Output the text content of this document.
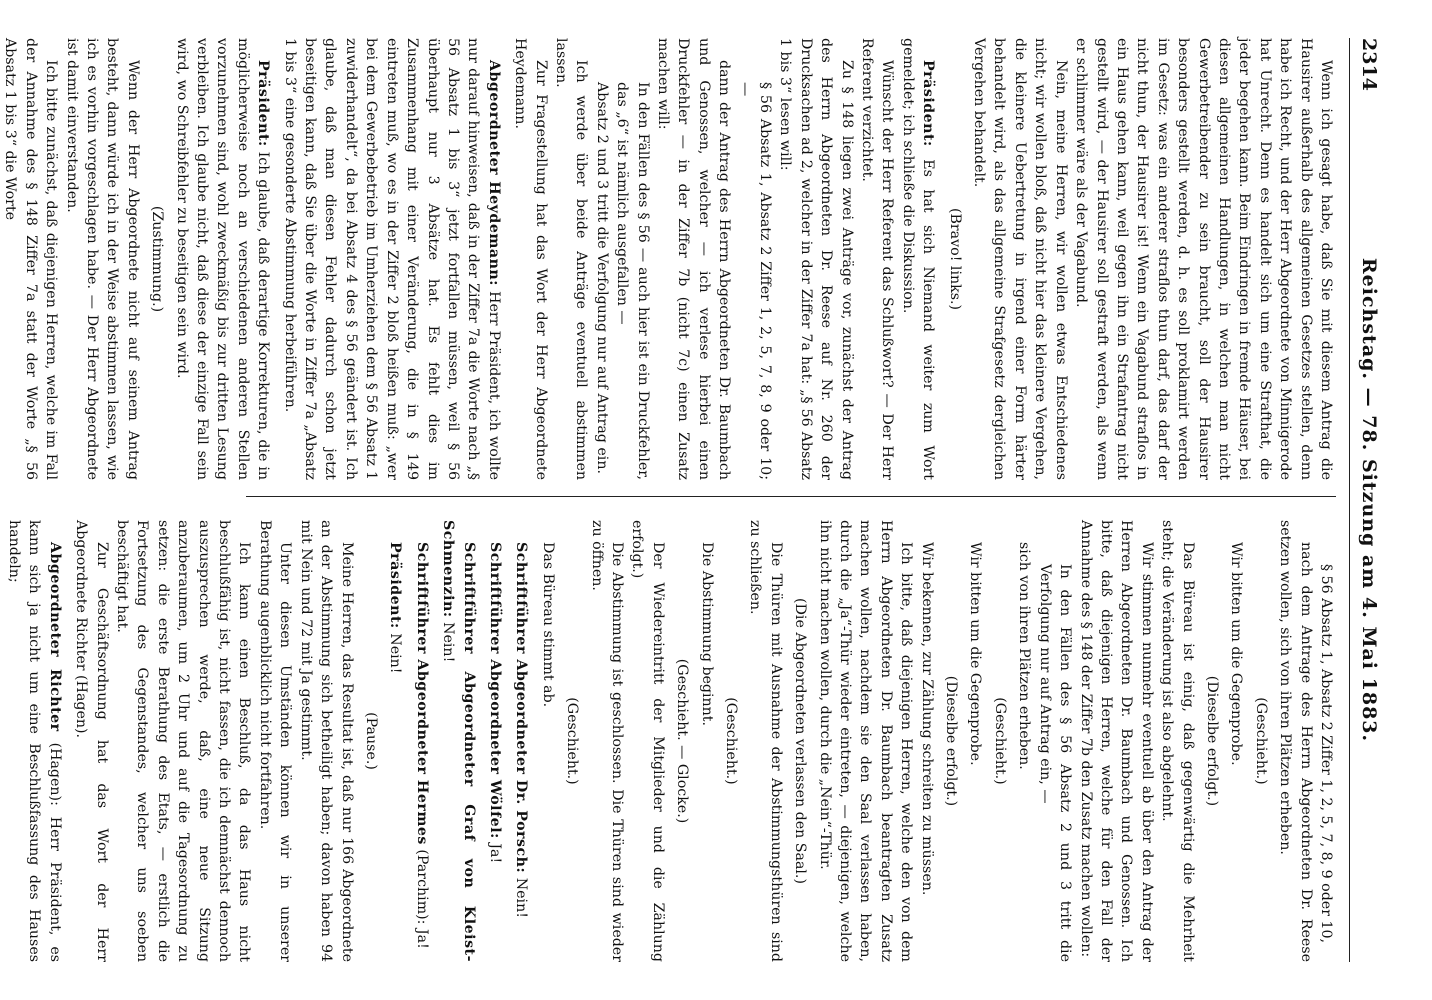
2314
Reichstag. — 78. Sitzung am 4. Mai 1883.

Wenn ich gesagt habe, daß Sie mit diesem Antrag die Hausirer außerhalb des allgemeinen Gesetzes stellen, denn habe ich Recht, und der Herr Abgeordnete von Minnigerode hat Unrecht. Denn es handelt sich um eine Strafthat, die jeder begehen kann. Beim Eindringen in fremde Häuser, bei diesen allgemeinen Handlungen, in welchen man nicht Gewerbetreibender zu sein braucht, soll der Hausirer besonders gestellt werden, d. h. es soll proklamirt werden im Gesetz: was ein anderer straflos thun darf, das darf der nicht thun, der Hausirer ist! Wenn ein Vagabund straflos in ein Haus gehen kann, weil gegen ihn ein Strafantrag nicht gestellt wird, — der Hausirer soll gestraft werden, als wenn er schlimmer wäre als der Vagabund.

Nein, meine Herren, wir wollen etwas Entschiedenes nicht; wir wollen bloß, daß nicht hier das kleinere Vergehen, die kleinere Uebertretung in irgend einer Form härter behandelt wird, als das allgemeine Strafgesetz dergleichen Vergehen behandelt.

(Bravo! links.)

Präsident: Es hat sich Niemand weiter zum Wort gemeldet; ich schließe die Diskussion.

Wünscht der Herr Referent das Schlußwort? — Der Herr Referent verzichtet.

Zu § 148 liegen zwei Anträge vor, zunächst der Antrag des Herrn Abgeordneten Dr. Reese auf Nr. 260 der Drucksachen ad 2, welcher in der Ziffer 7a hat: „§ 56 Absatz 1 bis 3“ lesen will:

§ 56 Absatz 1, Absatz 2 Ziffer 1, 2, 5, 7, 8, 9 oder 10; —

dann der Antrag des Herrn Abgeordneten Dr. Baumbach und Genossen, welcher — ich verlese hierbei einen Druckfehler — in der Ziffer 7b (nicht 7c) einen Zusatz machen will:

In den Fällen des § 56 — auch hier ist ein Druckfehler, das „6“ ist nämlich ausgefallen —

Absatz 2 und 3 tritt die Verfolgung nur auf Antrag ein.

Ich werde über beide Anträge eventuell abstimmen lassen.

Zur Fragestellung hat das Wort der Herr Abgeordnete Heydemann.

Abgeordneter Heydemann: Herr Präsident, ich wollte nur darauf hinweisen, daß in der Ziffer 7a die Worte nach „§ 56 Absatz 1 bis 3“ jetzt fortfallen müssen, weil § 56 überhaupt nur 3 Absätze hat. Es fehlt dies im Zusammenhang mit einer Veränderung, die in § 149 eintreten muß, wo es in der Ziffer 2 bloß heißen muß: „wer bei dem Gewerbebetrieb im Umherziehen dem § 56 Absatz 1 zuwiderhandelt“, da bei Absatz 4 des § 56 geändert ist. Ich glaube, daß man diesen Fehler dadurch schon jetzt beseitigen kann, daß Sie über die Worte in Ziffer 7a „Absatz 1 bis 3“ eine gesonderte Abstimmung herbeiführen.

Präsident: Ich glaube, daß derartige Korrekturen, die in möglicherweise noch an verschiedenen anderen Stellen vorzunehmen sind, wohl zweckmäßig bis zur dritten Lesung verbleiben. Ich glaube nicht, daß diese der einzige Fall sein wird, wo Schreibfehler zu beseitigen sein wird.

(Zustimmung.)

Wenn der Herr Abgeordnete nicht auf seinem Antrag besteht, dann würde ich in der Weise abstimmen lassen, wie ich es vorhin vorgeschlagen habe. — Der Herr Abgeordnete ist damit einverstanden.

Ich bitte zunächst, daß diejenigen Herren, welche im Fall der Annahme des § 148 Ziffer 7a statt der Worte „§ 56 Absatz 1 bis 3“ die Worte

§ 56 Absatz 1, Absatz 2 Ziffer 1, 2, 5, 7, 8, 9 oder 10,

nach dem Antrage des Herrn Abgeordneten Dr. Reese setzen wollen, sich von ihren Plätzen erheben.

(Geschieht.)

Wir bitten um die Gegenprobe.

(Dieselbe erfolgt.)

Das Büreau ist einig, daß gegenwärtig die Mehrheit steht; die Veränderung ist also abgelehnt.

Wir stimmen nunmehr eventuell ab über den Antrag der Herren Abgeordneten Dr. Baumbach und Genossen. Ich bitte, daß diejenigen Herren, welche für den Fall der Annahme des § 148 der Ziffer 7b den Zusatz machen wollen:

In den Fällen des § 56 Absatz 2 und 3 tritt die Verfolgung nur auf Antrag ein, —

sich von ihren Plätzen erheben.

(Geschieht.)

Wir bitten um die Gegenprobe.

(Dieselbe erfolgt.)

Wir bekennen, zur Zählung schreiten zu müssen.

Ich bitte, daß diejenigen Herren, welche den von dem Herrn Abgeordneten Dr. Baumbach beantragten Zusatz machen wollen, nachdem sie den Saal verlassen haben, durch die „Ja“-Thür wieder eintreten, — diejenigen, welche ihn nicht machen wollen, durch die „Nein“-Thür.

(Die Abgeordneten verlassen den Saal.)

Die Thüren mit Ausnahme der Abstimmungsthüren sind zu schließen.

(Geschieht.)

Die Abstimmung beginnt.

(Geschieht. — Glocke.)

Der Wiedereintritt der Mitglieder und die Zählung erfolgt.)

Die Abstimmung ist geschlossen. Die Thüren sind wieder zu öffnen.

(Geschieht.)

Das Büreau stimmt ab.

Schriftführer Abgeordneter Dr. Porsch: Nein!

Schriftführer Abgeordneter Wölfel: Ja!

Schriftführer Abgeordneter Graf von Kleist-Schmenzin: Nein!

Schriftführer Abgeordneter Hermes (Parchim): Ja!

Präsident: Nein!

(Pause.)

Meine Herren, das Resultat ist, daß nur 166 Abgeordnete an der Abstimmung sich betheiligt haben; davon haben 94 mit Nein und 72 mit Ja gestimmt.

Unter diesen Umständen können wir in unserer Berathung augenblicklich nicht fortfahren.

Ich kann einen Beschluß, da das Haus nicht beschlußfähig ist, nicht fassen, die ich demnächst dennoch auszusprechen werde, daß, eine neue Sitzung anzuberaumen, um 2 Uhr und auf die Tagesordnung zu setzen: die erste Berathung des Etats, — erstlich die Fortsetzung des Gegenstandes, welcher uns soeben beschäftigt hat.

Zur Geschäftsordnung hat das Wort der Herr Abgeordnete Richter (Hagen).

Abgeordneter Richter (Hagen): Herr Präsident, es kann sich ja nicht um eine Beschlußfassung des Hauses handeln;
